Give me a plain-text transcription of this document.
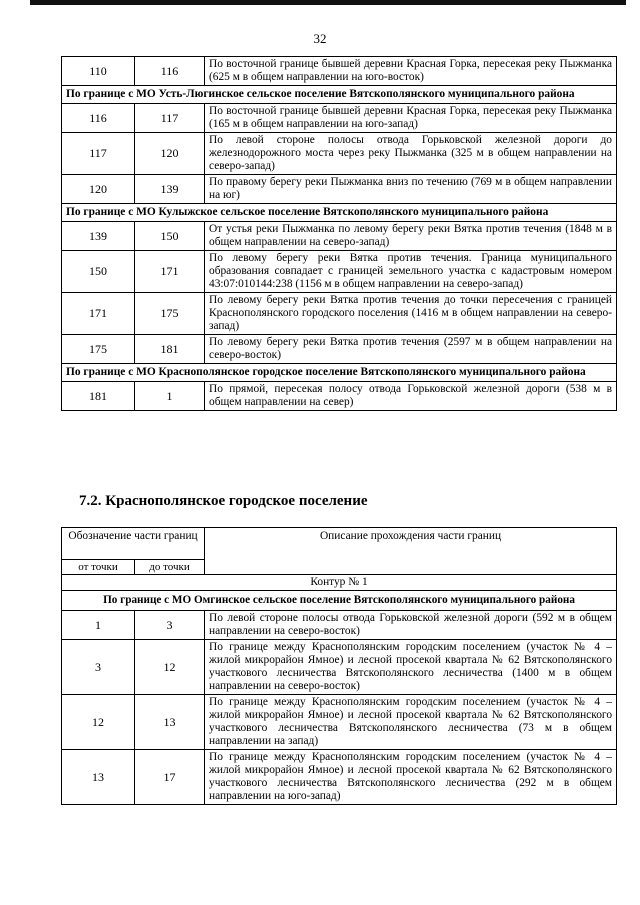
32
110	116	По восточной границе бывшей деревни Красная Горка, пересекая реку Пыжманка (625 м в общем направлении на юго-восток)
По границе с МО Усть-Люгинское сельское поселение Вятскополянского муниципального района		
116	117	По восточной границе бывшей деревни Красная Горка, пересекая реку Пыжманка (165 м в общем направлении на юго-запад)
117	120	По левой стороне полосы отвода Горьковской железной дороги до железнодорожного моста через реку Пыжманка (325 м в общем направлении на северо-запад)
120	139	По правому берегу реки Пыжманка вниз по течению (769 м в общем направлении на юг)
По границе с МО Кулыжское сельское поселение Вятскополянского муниципального района		
139	150	От устья реки Пыжманка по левому берегу реки Вятка против течения (1848 м в общем направлении на северо-запад)
150	171	По левому берегу реки Вятка против течения. Граница муниципального образования совпадает с границей земельного участка с кадастровым номером 43:07:010144:238 (1156 м в общем направлении на северо-запад)
171	175	По левому берегу реки Вятка против течения до точки пересечения с границей Краснополянского городского поселения (1416 м в общем направлении на северо-запад)
175	181	По левому берегу реки Вятка против течения (2597 м в общем направлении на северо-восток)
По границе с МО Краснополянское городское поселение Вятскополянского муниципального района		
181	1	По прямой, пересекая полосу отвода Горьковской железной дороги (538 м в общем направлении на север)
7.2. Краснополянское городское поселение
Обозначение части границ		Описание прохождения части границ
от точки	до точки	
Контур № 1		
По границе с МО Омгинское сельское поселение Вятскополянского муниципального района		
1	3	По левой стороне полосы отвода Горьковской железной дороги (592 м в общем направлении на северо-восток)
3	12	По границе между Краснополянским городским поселением (участок № 4 – жилой микрорайон Ямное) и лесной просекой квартала № 62 Вятскополянского участкового лесничества Вятскополянского лесничества (1400 м в общем направлении на северо-восток)
12	13	По границе между Краснополянским городским поселением (участок № 4 – жилой микрорайон Ямное) и лесной просекой квартала № 62 Вятскополянского участкового лесничества Вятскополянского лесничества (73 м в общем направлении на запад)
13	17	По границе между Краснополянским городским поселением (участок № 4 – жилой микрорайон Ямное) и лесной просекой квартала № 62 Вятскополянского участкового лесничества Вятскополянского лесничества (292 м в общем направлении на юго-запад)
